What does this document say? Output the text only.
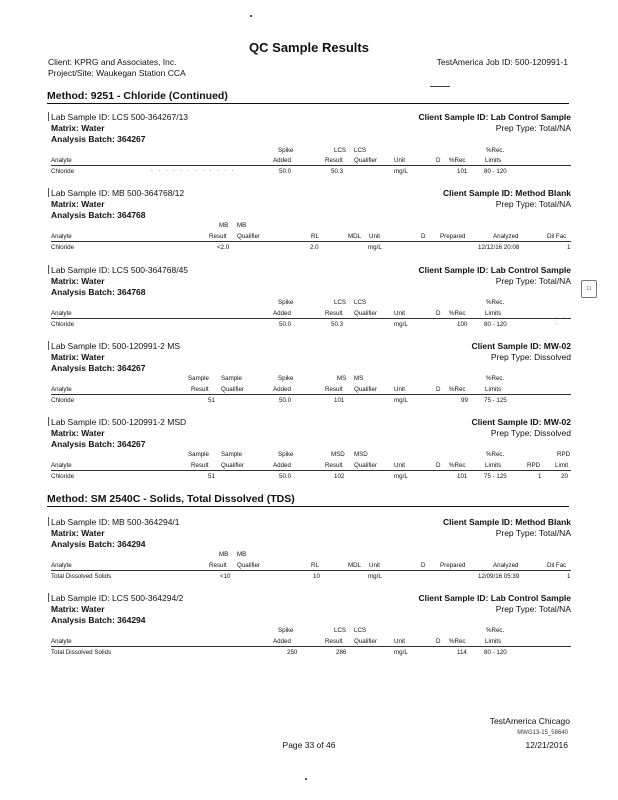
QC Sample Results
Client: KPRG and Associates, Inc.
Project/Site: Waukegan Station CCA
TestAmerica Job ID: 500-120991-1
Method: 9251 - Chloride (Continued)
Lab Sample ID: LCS 500-364267/13	Client Sample ID: Lab Control Sample
Matrix: Water	Prep Type: Total/NA
Analysis Batch: 364267
Spike	LCS LCS	%Rec.
Analyte	Added	Result Qualifier	Unit	D %Rec	Limits
Chloride	. . . . . . . . . . . .	50.0	50.3	mg/L	101	80 - 120
Lab Sample ID: MB 500-364768/12	Client Sample ID: Method Blank
Matrix: Water	Prep Type: Total/NA
Analysis Batch: 364768
MB MB
Analyte	Result Qualifier	RL	MDL Unit	D Prepared	Analyzed	Dil Fac
Chloride	<2.0	2.0	mg/L	12/12/16 20:08	1
Lab Sample ID: LCS 500-364768/45	Client Sample ID: Lab Control Sample
Matrix: Water	Prep Type: Total/NA
Analysis Batch: 364768
Spike	LCS LCS	%Rec.
Analyte	Added	Result Qualifier	Unit	D %Rec	Limits
Chloride	50.0	50.3	mg/L	100	80 - 120
. . .
Lab Sample ID: 500-120991-2 MS	Client Sample ID: MW-02
Matrix: Water	Prep Type: Dissolved
Analysis Batch: 364267
Sample Sample	Spike	MS MS	%Rec.
Analyte	Result Qualifier	Added	Result Qualifier	Unit	D %Rec	Limits
Chloride	51	50.0	101	mg/L	99	75 - 125
Lab Sample ID: 500-120991-2 MSD	Client Sample ID: MW-02
Matrix: Water	Prep Type: Dissolved
Analysis Batch: 364267
Sample Sample	Spike	MSD MSD	%Rec.	RPD
Analyte	Result Qualifier	Added	Result Qualifier	Unit	D %Rec	Limits	RPD Limit
Chloride	51	50.0	102	mg/L	101	75 - 125	1	20
Method: SM 2540C - Solids, Total Dissolved (TDS)
Lab Sample ID: MB 500-364294/1	Client Sample ID: Method Blank
Matrix: Water	Prep Type: Total/NA
Analysis Batch: 364294
MB MB
Analyte	Result Qualifier	RL	MDL Unit	D Prepared	Analyzed	Dil Fac
Total Dissolved Solids	<10	10	mg/L	12/09/16 05:39	1
Lab Sample ID: LCS 500-364294/2	Client Sample ID: Lab Control Sample
Matrix: Water	Prep Type: Total/NA
Analysis Batch: 364294
Spike	LCS LCS	%Rec.
Analyte	Added	Result Qualifier	Unit	D %Rec	Limits
Total Dissolved Solids	250	286	mg/L	114	80 - 120
11
TestAmerica Chicago
MWG13-15_58640
Page 33 of 46	12/21/2016
